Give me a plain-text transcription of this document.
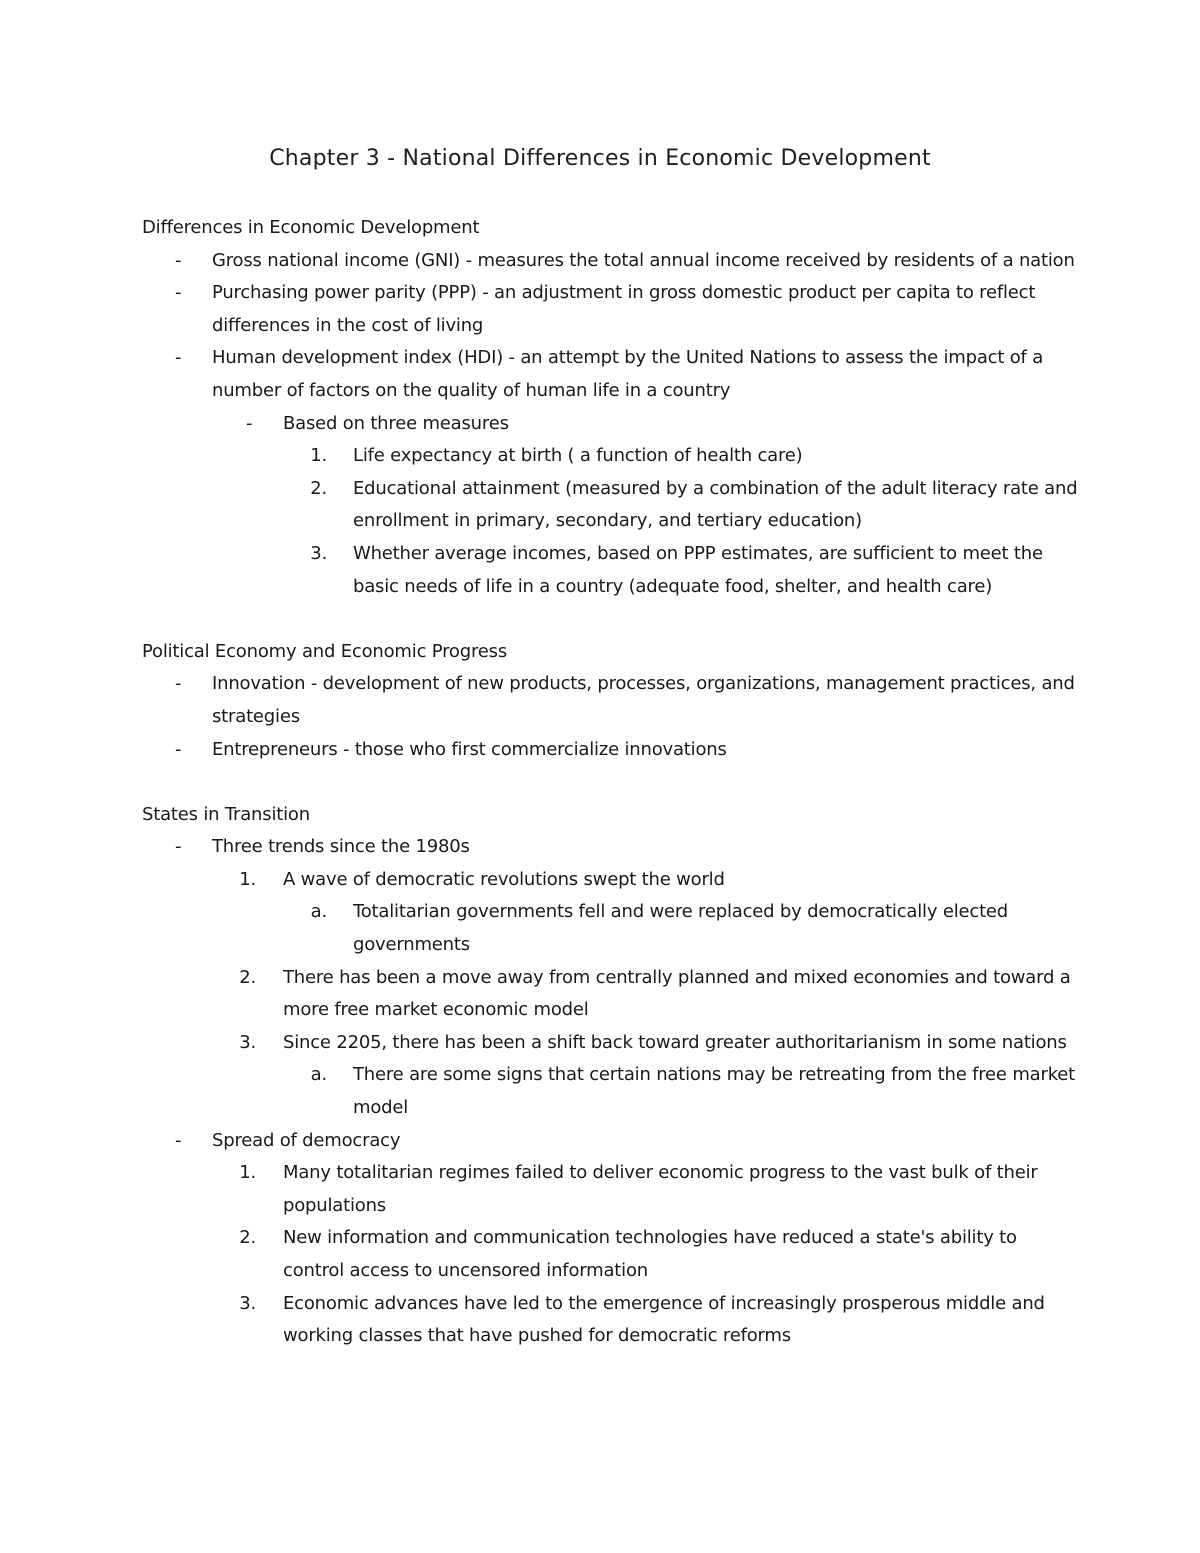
Chapter 3 - National Differences in Economic Development
Differences in Economic Development
-	Gross national income (GNI) - measures the total annual income received by residents of a nation
-	Purchasing power parity (PPP) - an adjustment in gross domestic product per capita to reflect differences in the cost of living
-	Human development index (HDI) - an attempt by the United Nations to assess the impact of a number of factors on the quality of human life in a country
-	Based on three measures
1. Life expectancy at birth ( a function of health care)
2. Educational attainment (measured by a combination of the adult literacy rate and enrollment in primary, secondary, and tertiary education)
3. Whether average incomes, based on PPP estimates, are sufficient to meet the basic needs of life in a country (adequate food, shelter, and health care)
Political Economy and Economic Progress
-	Innovation - development of new products, processes, organizations, management practices, and strategies
-	Entrepreneurs - those who first commercialize innovations
States in Transition
-	Three trends since the 1980s
1. A wave of democratic revolutions swept the world
a. Totalitarian governments fell and were replaced by democratically elected governments
2. There has been a move away from centrally planned and mixed economies and toward a more free market economic model
3. Since 2205, there has been a shift back toward greater authoritarianism in some nations
a. There are some signs that certain nations may be retreating from the free market model
-	Spread of democracy
1. Many totalitarian regimes failed to deliver economic progress to the vast bulk of their populations
2. New information and communication technologies have reduced a state's ability to control access to uncensored information
3. Economic advances have led to the emergence of increasingly prosperous middle and working classes that have pushed for democratic reforms
